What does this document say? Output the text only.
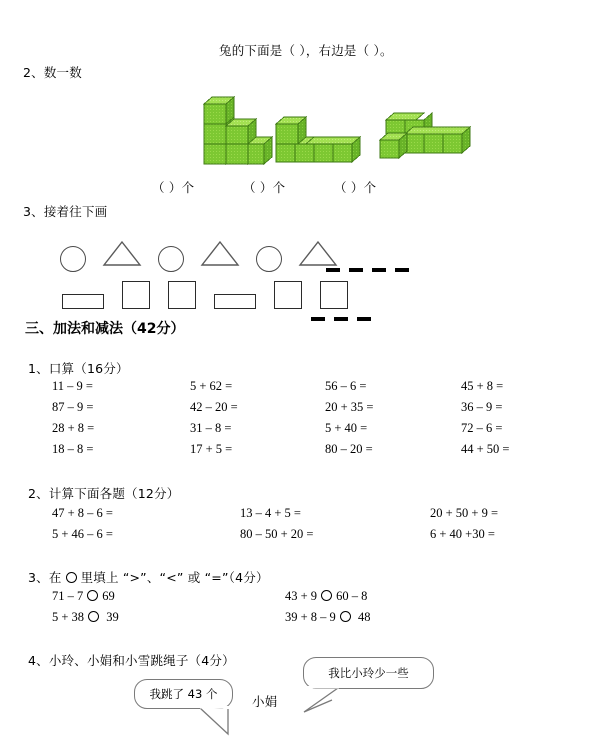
兔的下面是（ ），右边是（ ）。
2、数一数
（ ）个	（ ）个	（ ）个
3、接着往下画

三、加法和减法（42分）
1、口算（16分）
11 – 9 =	5 + 62 =	56 – 6 =	45 + 8 =
87 – 9 =	42 – 20 =	20 + 35 =	36 – 9 =
28 + 8 =	31 – 8 =	5 + 40 =	72 – 6 =
18 – 8 =	17 + 5 =	80 – 20 =	44 + 50 =
2、计算下面各题（12分）
47 + 8 – 6 =	13 – 4 + 5 =	20 + 50 + 9 =
5 + 46 – 6 =	80 – 50 + 20 =	6 + 40 +30 =
3、在 里填上 “>”、“<” 或 “=”（4分）
71 – 7 69	43 + 9 60 – 8
5 + 38 39	39 + 8 – 9 48
4、小玲、小娟和小雪跳绳子（4分）
我跳了 43 个	小娟
我比小玲少一些
